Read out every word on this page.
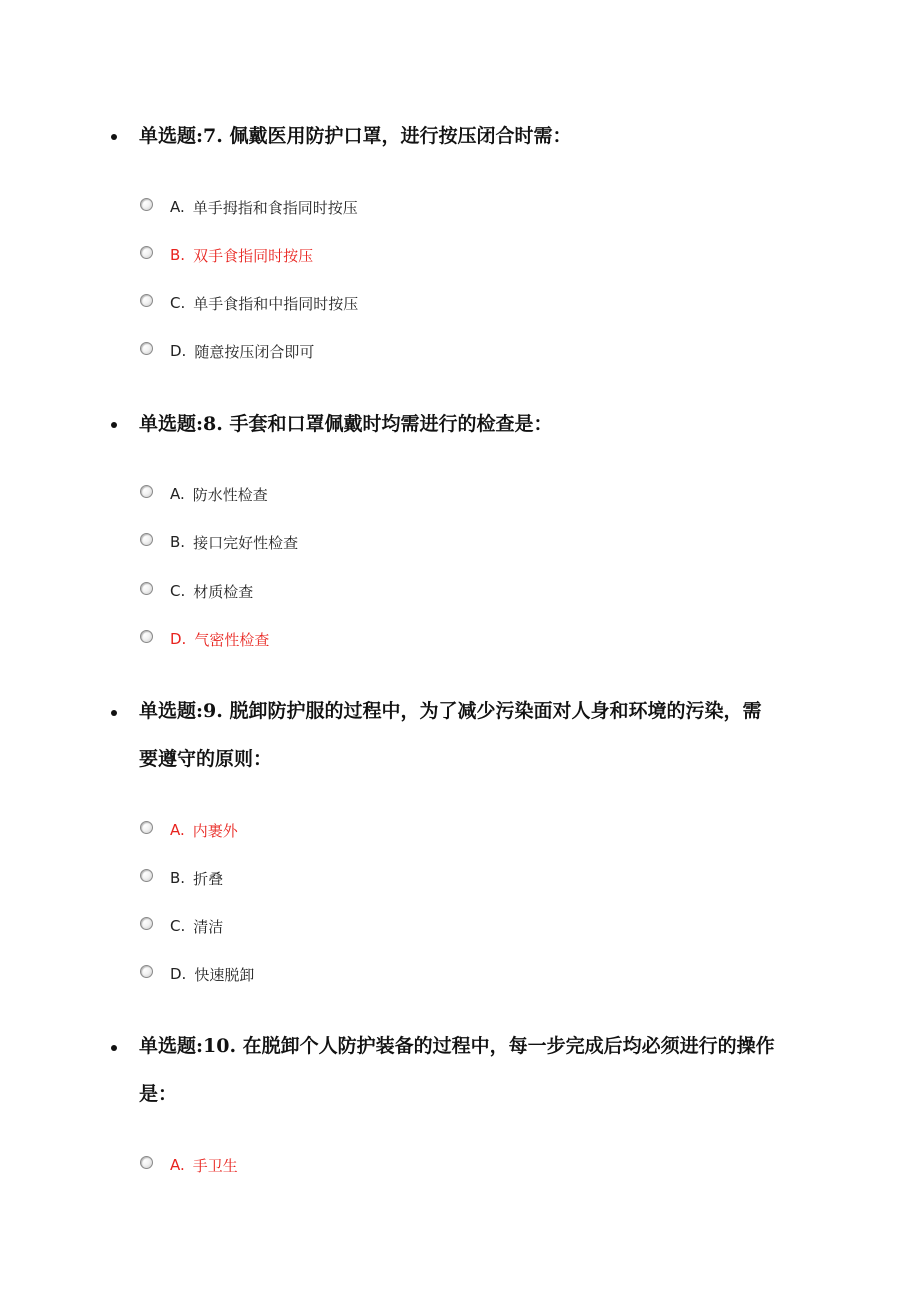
单选题:7. 佩戴医用防护口罩，进行按压闭合时需：

A. 单手拇指和食指同时按压
B. 双手食指同时按压
C. 单手食指和中指同时按压
D. 随意按压闭合即可

单选题:8. 手套和口罩佩戴时均需进行的检查是：

A. 防水性检查
B. 接口完好性检查
C. 材质检查
D. 气密性检查

单选题:9. 脱卸防护服的过程中，为了减少污染面对人身和环境的污染，需要遵守的原则：

A. 内裹外
B. 折叠
C. 清洁
D. 快速脱卸

单选题:10. 在脱卸个人防护装备的过程中，每一步完成后均必须进行的操作是：

A. 手卫生
